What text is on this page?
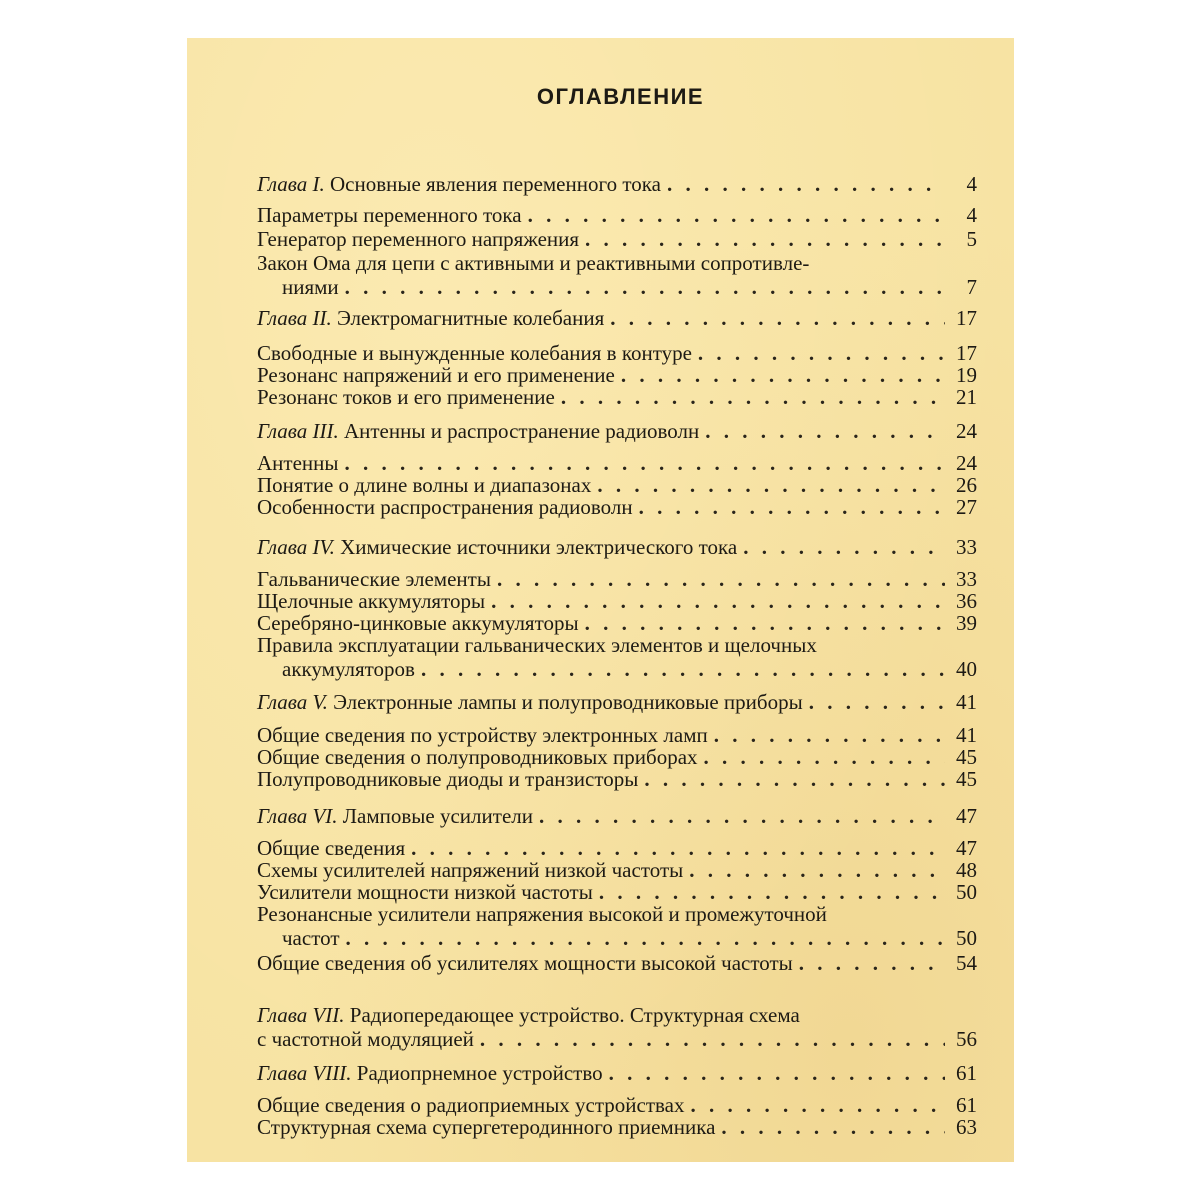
ОГЛАВЛЕНИЕ
Глава I. Основные явления переменного тока . . .	4
Параметры переменного тока . . .	4
Генератор переменного напряжения . . .	5
Закон Ома для цепи с активными и реактивными сопротивле-
ниями . . .	7
Глава II. Электромагнитные колебания . . .	17
Свободные и вынужденные колебания в контуре . . .	17
Резонанс напряжений и его применение . . .	19
Резонанс токов и его применение . . .	21
Глава III. Антенны и распространение радиоволн . . .	24
Антенны . . .	24
Понятие о длине волны и диапазонах . . .	26
Особенности распространения радиоволн . . .	27
Глава IV. Химические источники электрического тока . . .	33
Гальванические элементы . . .	33
Щелочные аккумуляторы . . .	36
Серебряно-цинковые аккумуляторы . . .	39
Правила эксплуатации гальванических элементов и щелочных
аккумуляторов . . .	40
Глава V. Электронные лампы и полупроводниковые приборы . . .	41
Общие сведения по устройству электронных ламп . . .	41
Общие сведения о полупроводниковых приборах . . .	45
Полупроводниковые диоды и транзисторы . . .	45
Глава VI. Ламповые усилители . . .	47
Общие сведения . . .	47
Схемы усилителей напряжений низкой частоты . . .	48
Усилители мощности низкой частоты . . .	50
Резонансные усилители напряжения высокой и промежуточной
частот . . .	50
Общие сведения об усилителях мощности высокой частоты . . .	54
Глава VII. Радиопередающее устройство. Структурная схема
с частотной модуляцией . . .	56
Глава VIII. Радиопрнемное устройство . . .	61
Общие сведения о радиоприемных устройствах . . .	61
Структурная схема супергетеродинного приемника . . .	63
